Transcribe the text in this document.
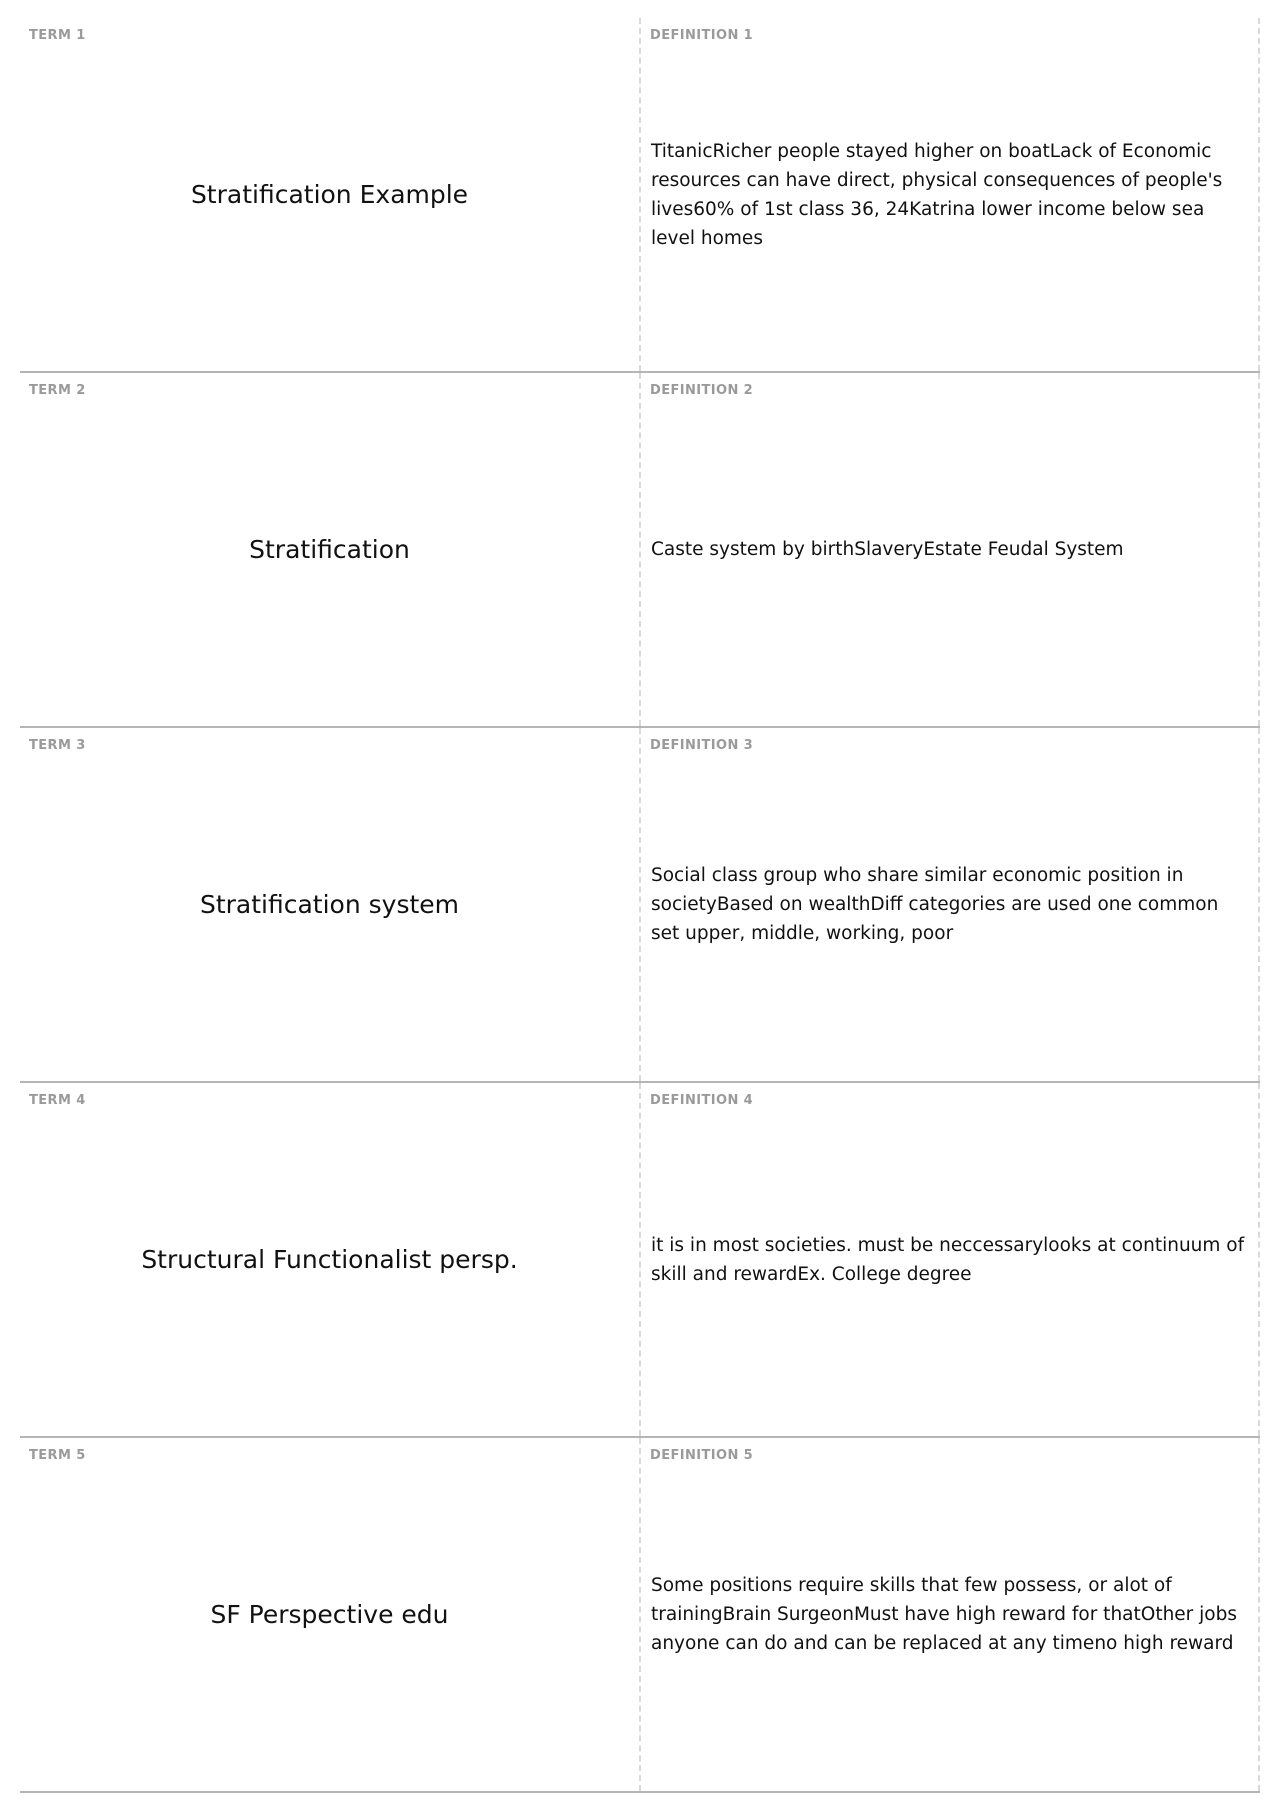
TERM 1
Stratification Example
DEFINITION 1
TitanicRicher people stayed higher on boatLack of Economic resources can have direct, physical consequences of people's lives60% of 1st class 36, 24Katrina lower income below sea level homes
TERM 2
Stratification
DEFINITION 2
Caste system by birthSlaveryEstate Feudal System
TERM 3
Stratification system
DEFINITION 3
Social class group who share similar economic position in societyBased on wealthDiff categories are used one common set upper, middle, working, poor
TERM 4
Structural Functionalist persp.
DEFINITION 4
it is in most societies. must be neccessarylooks at continuum of skill and rewardEx. College degree
TERM 5
SF Perspective edu
DEFINITION 5
Some positions require skills that few possess, or alot of trainingBrain SurgeonMust have high reward for thatOther jobs anyone can do and can be replaced at any timeno high reward
